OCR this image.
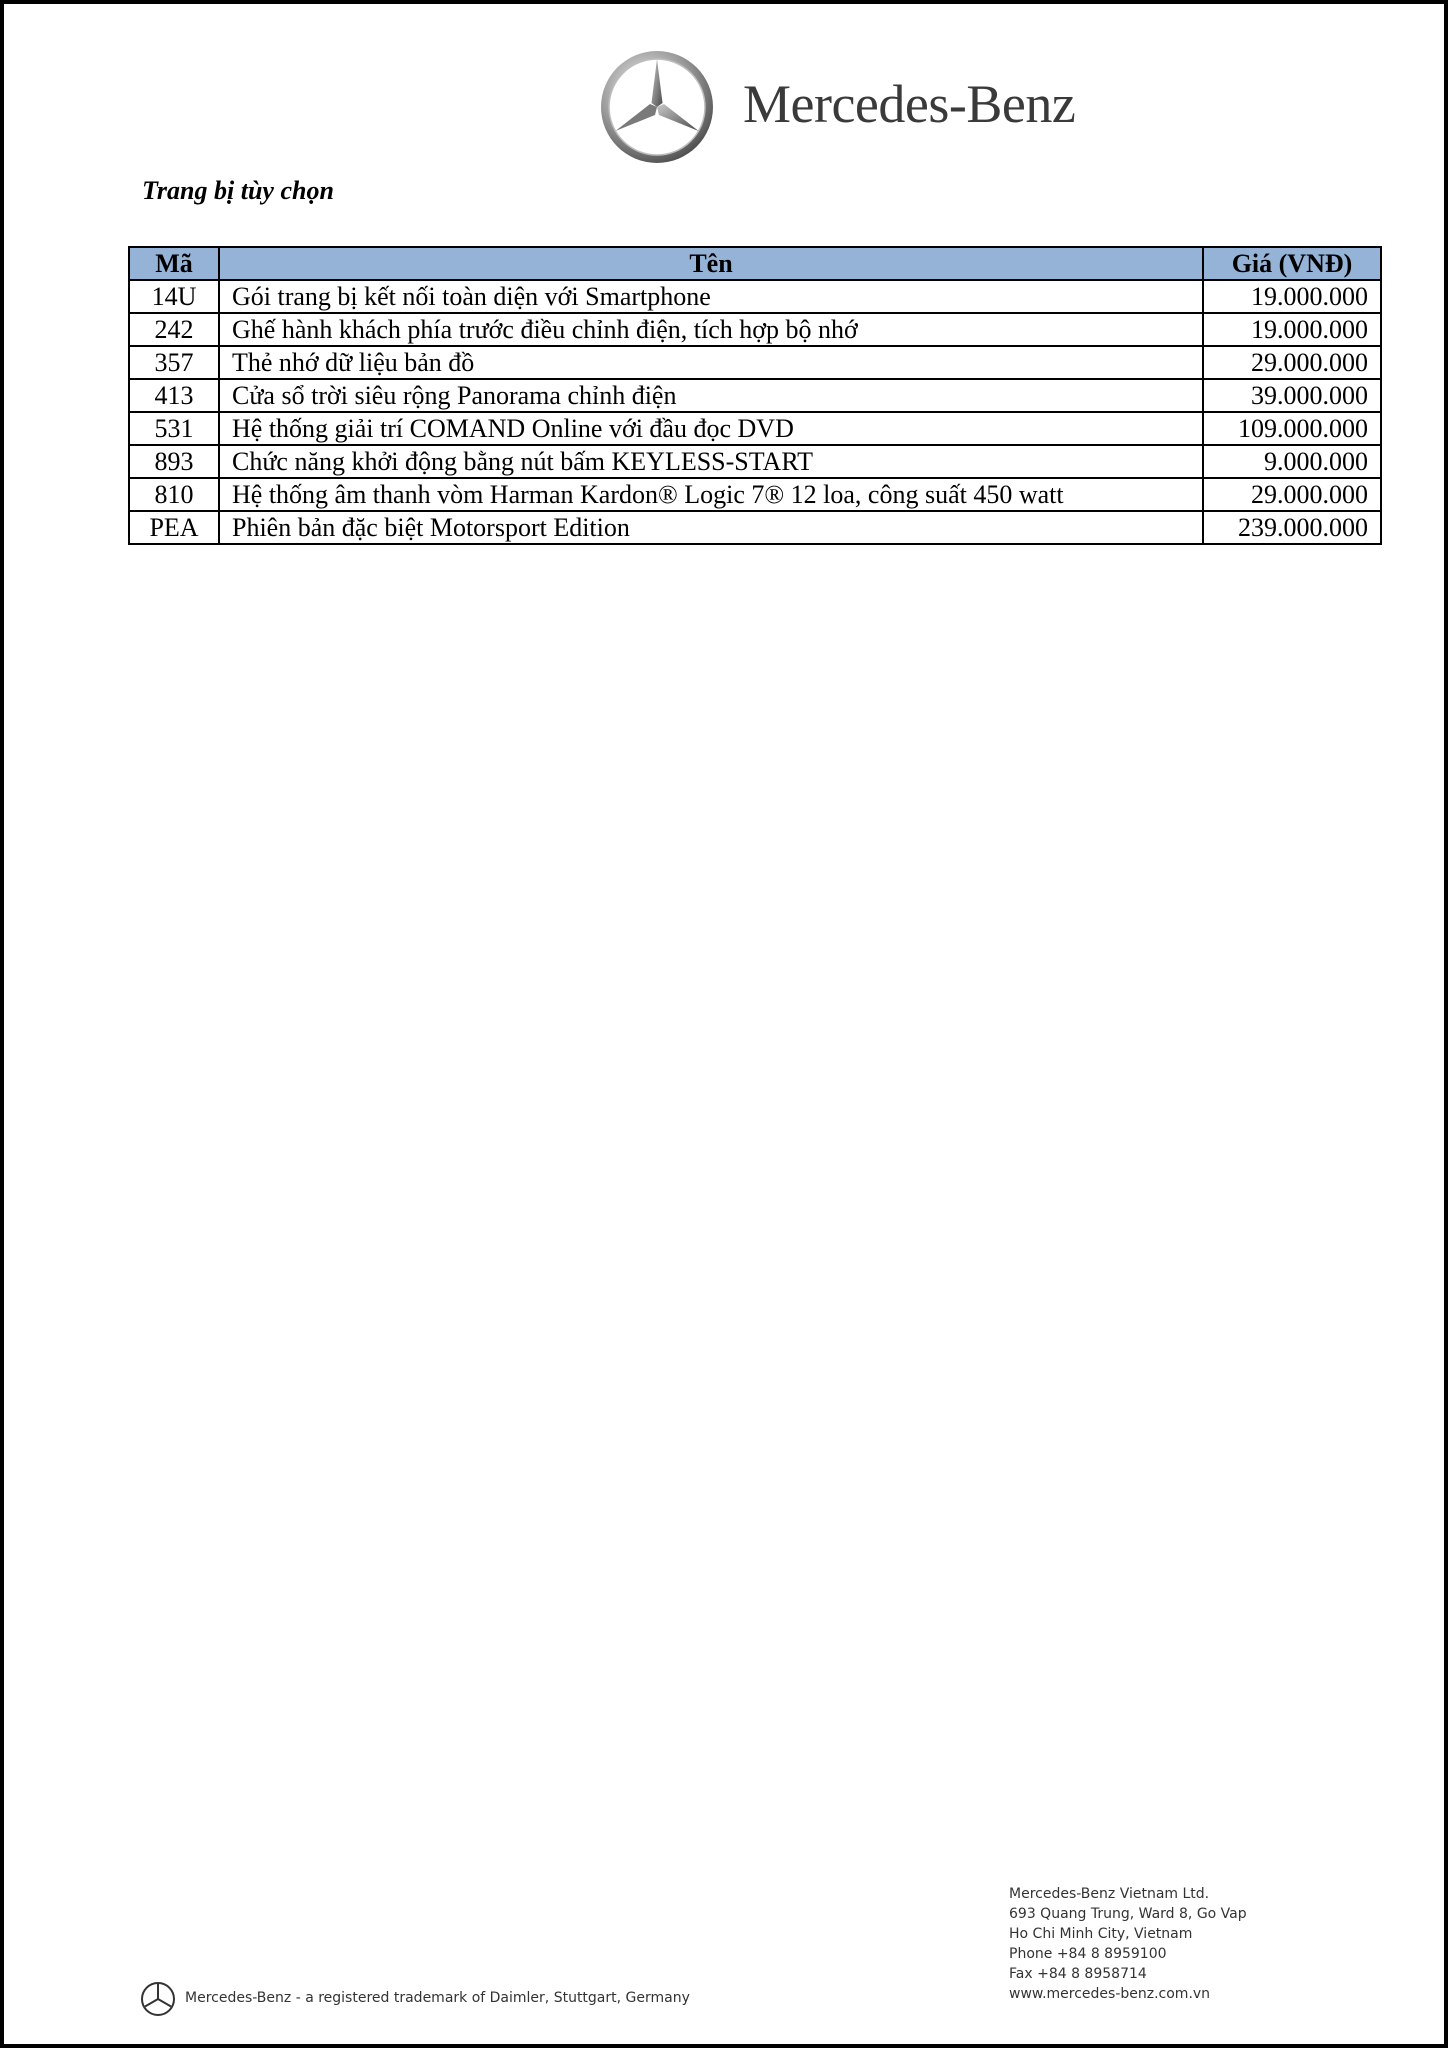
Mercedes-Benz
Trang bị tùy chọn
Mã	Tên	Giá (VNĐ)
14U	Gói trang bị kết nối toàn diện với Smartphone	19.000.000
242	Ghế hành khách phía trước điều chỉnh điện, tích hợp bộ nhớ	19.000.000
357	Thẻ nhớ dữ liệu bản đồ	29.000.000
413	Cửa sổ trời siêu rộng Panorama chỉnh điện	39.000.000
531	Hệ thống giải trí COMAND Online với đầu đọc DVD	109.000.000
893	Chức năng khởi động bằng nút bấm KEYLESS-START	9.000.000
810	Hệ thống âm thanh vòm Harman Kardon® Logic 7® 12 loa, công suất 450 watt	29.000.000
PEA	Phiên bản đặc biệt Motorsport Edition	239.000.000
Mercedes-Benz Vietnam Ltd.
693 Quang Trung, Ward 8, Go Vap
Ho Chi Minh City, Vietnam
Phone +84 8 8959100
Fax +84 8 8958714
www.mercedes-benz.com.vn
Mercedes-Benz - a registered trademark of Daimler, Stuttgart, Germany
